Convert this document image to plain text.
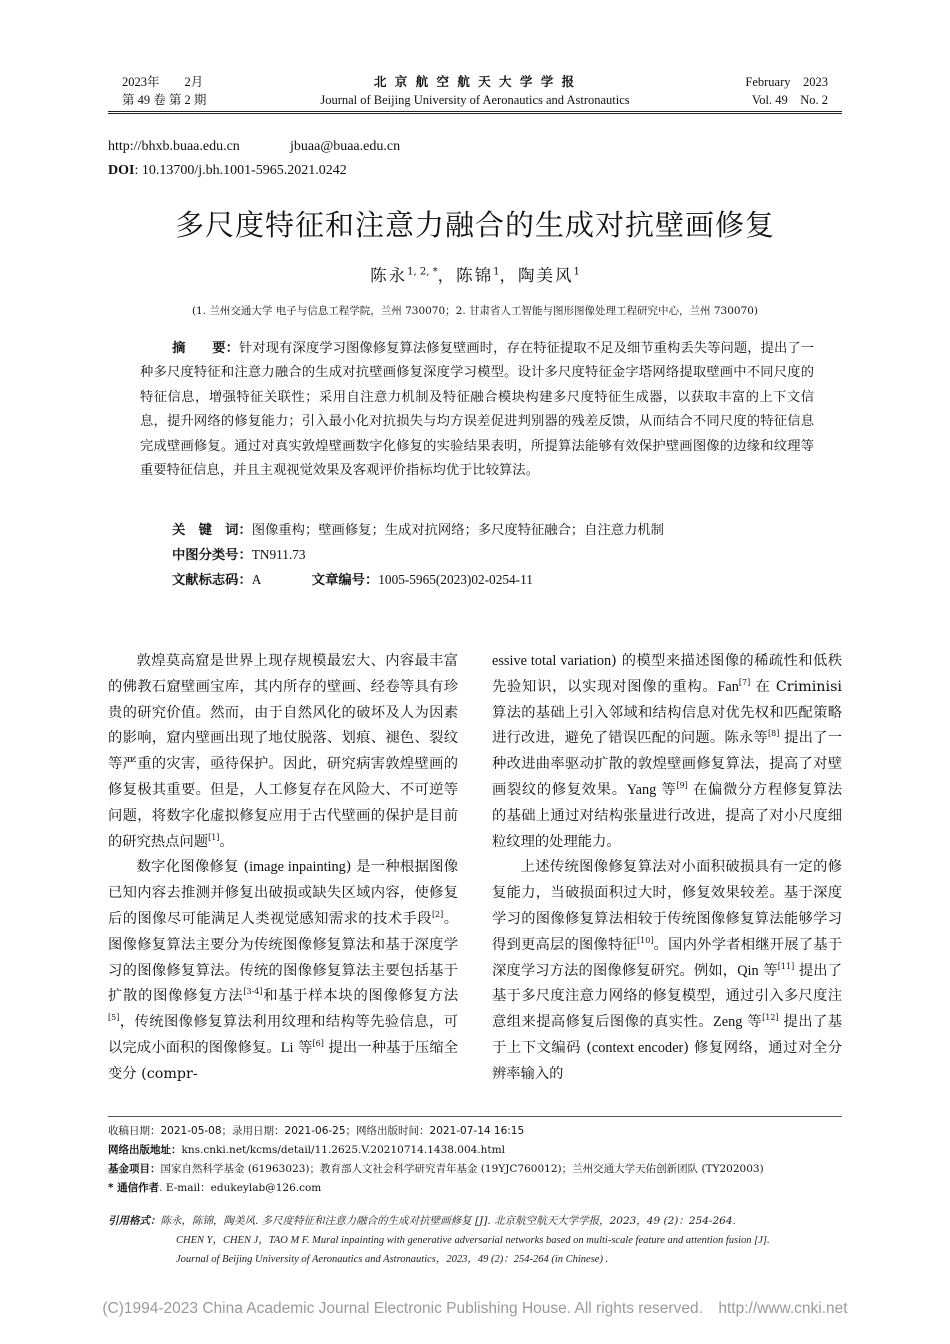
2023年　　2月
第 49 卷 第 2 期
北 京 航 空 航 天 大 学 学 报
Journal of Beijing University of Aeronautics and Astronautics
February　2023
Vol. 49　No. 2
http://bhxb.buaa.edu.cn	jbuaa@buaa.edu.cn
DOI: 10.13700/j.bh.1001-5965.2021.0242
多尺度特征和注意力融合的生成对抗壁画修复
陈永$^{1, 2, *}$，陈锦$^1$，陶美风$^1$
(1. 兰州交通大学 电子与信息工程学院，兰州 730070；2. 甘肃省人工智能与图形图像处理工程研究中心，兰州 730070)
摘　　要：针对现有深度学习图像修复算法修复壁画时，存在特征提取不足及细节重构丢失等问题，提出了一种多尺度特征和注意力融合的生成对抗壁画修复深度学习模型。设计多尺度特征金字塔网络提取壁画中不同尺度的特征信息，增强特征关联性；采用自注意力机制及特征融合模块构建多尺度特征生成器，以获取丰富的上下文信息，提升网络的修复能力；引入最小化对抗损失与均方误差促进判别器的残差反馈，从而结合不同尺度的特征信息完成壁画修复。通过对真实敦煌壁画数字化修复的实验结果表明，所提算法能够有效保护壁画图像的边缘和纹理等重要特征信息，并且主观视觉效果及客观评价指标均优于比较算法。
关　键　词：图像重构；壁画修复；生成对抗网络；多尺度特征融合；自注意力机制
中图分类号：TN911.73
文献标志码：A	文章编号：1005-5965(2023)02-0254-11

敦煌莫高窟是世界上现存规模最宏大、内容最丰富的佛教石窟壁画宝库，其内所存的壁画、经卷等具有珍贵的研究价值。然而，由于自然风化的破坏及人为因素的影响，窟内壁画出现了地仗脱落、划痕、褪色、裂纹等严重的灾害，亟待保护。因此，研究病害敦煌壁画的修复极其重要。但是，人工修复存在风险大、不可逆等问题，将数字化虚拟修复应用于古代壁画的保护是目前的研究热点问题[1]。

数字化图像修复 (image inpainting) 是一种根据图像已知内容去推测并修复出破损或缺失区域内容，使修复后的图像尽可能满足人类视觉感知需求的技术手段[2]。图像修复算法主要分为传统图像修复算法和基于深度学习的图像修复算法。传统的图像修复算法主要包括基于扩散的图像修复方法[3-4]和基于样本块的图像修复方法[5]，传统图像修复算法利用纹理和结构等先验信息，可以完成小面积的图像修复。Li 等[6] 提出一种基于压缩全变分 (compr-

essive total variation) 的模型来描述图像的稀疏性和低秩先验知识，以实现对图像的重构。Fan[7] 在 Criminisi 算法的基础上引入邻域和结构信息对优先权和匹配策略进行改进，避免了错误匹配的问题。陈永等[8] 提出了一种改进曲率驱动扩散的敦煌壁画修复算法，提高了对壁画裂纹的修复效果。Yang 等[9] 在偏微分方程修复算法的基础上通过对结构张量进行改进，提高了对小尺度细粒纹理的处理能力。

上述传统图像修复算法对小面积破损具有一定的修复能力，当破损面积过大时，修复效果较差。基于深度学习的图像修复算法相较于传统图像修复算法能够学习得到更高层的图像特征[10]。国内外学者相继开展了基于深度学习方法的图像修复研究。例如，Qin 等[11] 提出了基于多尺度注意力网络的修复模型，通过引入多尺度注意组来提高修复后图像的真实性。Zeng 等[12] 提出了基于上下文编码 (context encoder) 修复网络，通过对全分辨率输入的

收稿日期：2021-05-08；录用日期：2021-06-25；网络出版时间：2021-07-14 16:15
网络出版地址：kns.cnki.net/kcms/detail/11.2625.V.20210714.1438.004.html
基金项目：国家自然科学基金 (61963023)；教育部人文社会科学研究青年基金 (19YJC760012)；兰州交通大学天佑创新团队 (TY202003)
* 通信作者. E-mail：edukeylab@126.com
引用格式：陈永，陈锦，陶美风. 多尺度特征和注意力融合的生成对抗壁画修复 [J]. 北京航空航天大学学报，2023，49 (2)：254-264.
CHEN Y，CHEN J，TAO M F. Mural inpainting with generative adversarial networks based on multi-scale feature and attention fusion [J].
Journal of Beijing University of Aeronautics and Astronautics，2023，49 (2)：254-264 (in Chinese) .
(C)1994-2023 China Academic Journal Electronic Publishing House. All rights reserved.　http://www.cnki.net
